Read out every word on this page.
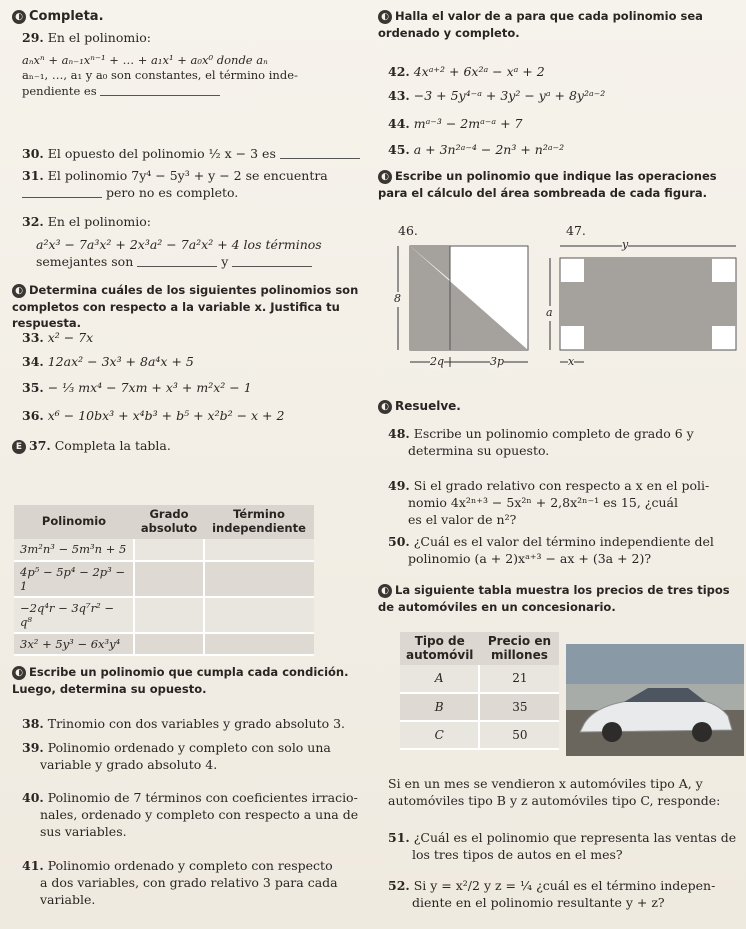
◐ Completa.
29. En el polinomio:
aₙxⁿ + aₙ₋₁xⁿ⁻¹ + … + a₁x¹ + a₀x⁰ donde aₙ
aₙ₋₁, …, a₁ y a₀ son constantes, el término inde-
pendiente es
30. El opuesto del polinomio ½ x − 3 es
31. El polinomio 7y⁴ − 5y³ + y − 2 se encuentra
pero no es completo.
32. En el polinomio:
a²x³ − 7a³x² + 2x³a² − 7a²x² + 4 los términos
semejantes son	y
◐ Determina cuáles de los siguientes polinomios son completos con respecto a la variable x. Justifica tu respuesta.
33. x² − 7x
34. 12ax² − 3x³ + 8a⁴x + 5
35. − ⅓ mx⁴ − 7xm + x³ + m²x² − 1
36. x⁶ − 10bx³ + x⁴b³ + b⁵ + x²b² − x + 2
E 37. Completa la tabla.
Polinomio	Grado absoluto	Término independiente
3m²n³ − 5m³n + 5		
4p⁵ − 5p⁴ − 2p³ − 1		
−2q⁴r − 3q⁷r² − q⁸		
3x² + 5y³ − 6x³y⁴		
◐ Escribe un polinomio que cumpla cada condición. Luego, determina su opuesto.
38. Trinomio con dos variables y grado absoluto 3.
39. Polinomio ordenado y completo con solo una
variable y grado absoluto 4.
40. Polinomio de 7 términos con coeficientes irracio-
nales, ordenado y completo con respecto a una de
sus variables.
41. Polinomio ordenado y completo con respecto
a dos variables, con grado relativo 3 para cada
variable.
◐ Halla el valor de a para que cada polinomio sea ordenado y completo.
42. 4xᵃ⁺² + 6x²ᵃ − xᵃ + 2
43. −3 + 5y⁴⁻ᵃ + 3y² − yᵃ + 8y²ᵃ⁻²
44. mᵃ⁻³ − 2mᵃ⁻ᵃ + 7
45. a + 3n²ᵃ⁻⁴ − 2n³ + n²ᵃ⁻²
◐ Escribe un polinomio que indique las operaciones para el cálculo del área sombreada de cada figura.
46.
8
2q	3p
47.
y
a
x
◐ Resuelve.
48. Escribe un polinomio completo de grado 6 y
determina su opuesto.
49. Si el grado relativo con respecto a x en el poli-
nomio 4x²ⁿ⁺³ − 5x²ⁿ + 2,8x²ⁿ⁻¹ es 15, ¿cuál
es el valor de n²?
50. ¿Cuál es el valor del término independiente del
polinomio (a + 2)xᵃ⁺³ − ax + (3a + 2)?
◐ La siguiente tabla muestra los precios de tres tipos de automóviles en un concesionario.
Tipo de automóvil	Precio en millones
A	21
B	35
C	50
Si en un mes se vendieron x automóviles tipo A, y
automóviles tipo B y z automóviles tipo C, responde:
51. ¿Cuál es el polinomio que representa las ventas de
los tres tipos de autos en el mes?
52. Si y = x²/2 y z = ¼ ¿cuál es el término indepen-
diente en el polinomio resultante y + z?
